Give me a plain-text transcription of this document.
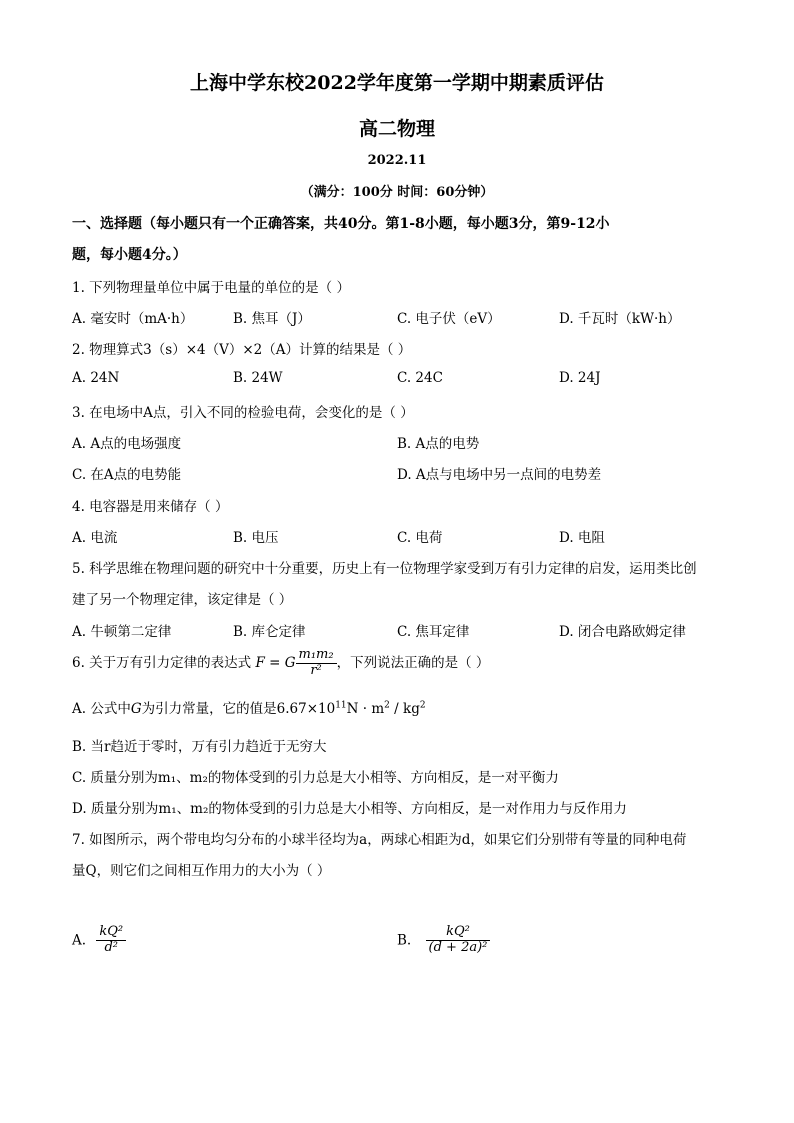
上海中学东校2022学年度第一学期中期素质评估
高二物理
2022.11
（满分：100分 时间：60分钟）
一、选择题（每小题只有一个正确答案，共40分。第1-8小题，每小题3分，第9-12小
题，每小题4分。）
1. 下列物理量单位中属于电量的单位的是（ ）
A. 毫安时（mA·h）	B. 焦耳（J）	C. 电子伏（eV）	D. 千瓦时（kW·h）
2. 物理算式3（s）×4（V）×2（A）计算的结果是（ ）
A. 24N	B. 24W	C. 24C	D. 24J
3. 在电场中A点，引入不同的检验电荷，会变化的是（ ）
A. A点的电场强度	B. A点的电势
C. 在A点的电势能	D. A点与电场中另一点间的电势差
4. 电容器是用来储存（ ）
A. 电流	B. 电压	C. 电荷	D. 电阻
5. 科学思维在物理问题的研究中十分重要，历史上有一位物理学家受到万有引力定律的启发，运用类比创
建了另一个物理定律，该定律是（ ）
A. 牛顿第二定律	B. 库仑定律	C. 焦耳定律	D. 闭合电路欧姆定律
6. 关于万有引力定律的表达式 F = G $\frac{\text{m₁m₂}}{\text{r²}}$ ，下列说法正确的是（ ）
A. 公式中G为引力常量，它的值是$6.67\times 10^{11}N \cdot m^2 / kg^2$
B. 当r趋近于零时，万有引力趋近于无穷大
C. 质量分别为m₁、m₂的物体受到的引力总是大小相等、方向相反，是一对平衡力
D. 质量分别为m₁、m₂的物体受到的引力总是大小相等、方向相反，是一对作用力与反作用力
7. 如图所示，两个带电均匀分布的小球半径均为a，两球心相距为d，如果它们分别带有等量的同种电荷
量Q，则它们之间相互作用力的大小为（ ）
A. $\frac{\text{kQ²}}{\text{d²}}$	B. $\frac{\text{kQ²}}{\text{(d + 2a)²}}$
